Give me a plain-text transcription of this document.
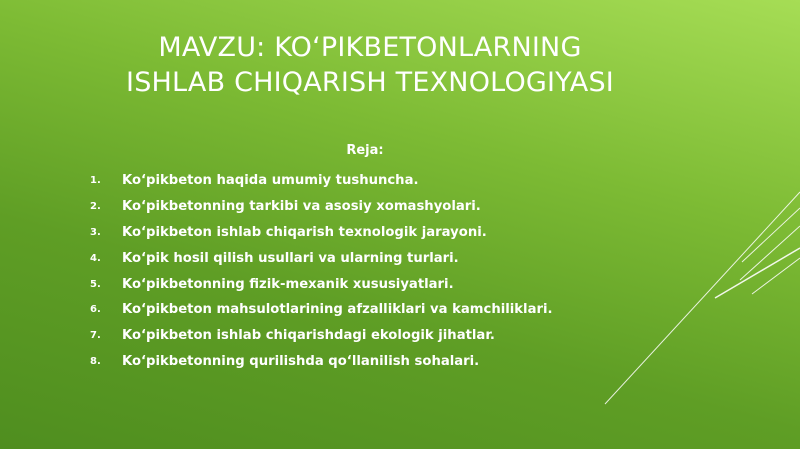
MAVZU: KO‘PIKBETONLARNING
ISHLAB CHIQARISH TEXNOLOGIYASI
Reja:
1.	Ko‘pikbeton haqida umumiy tushuncha.
2.	Ko‘pikbetonning tarkibi va asosiy xomashyolari.
3.	Ko‘pikbeton ishlab chiqarish texnologik jarayoni.
4.	Ko‘pik hosil qilish usullari va ularning turlari.
5.	Ko‘pikbetonning fizik-mexanik xususiyatlari.
6.	Ko‘pikbeton mahsulotlarining afzalliklari va kamchiliklari.
7.	Ko‘pikbeton ishlab chiqarishdagi ekologik jihatlar.
8.	Ko‘pikbetonning qurilishda qo‘llanilish sohalari.
